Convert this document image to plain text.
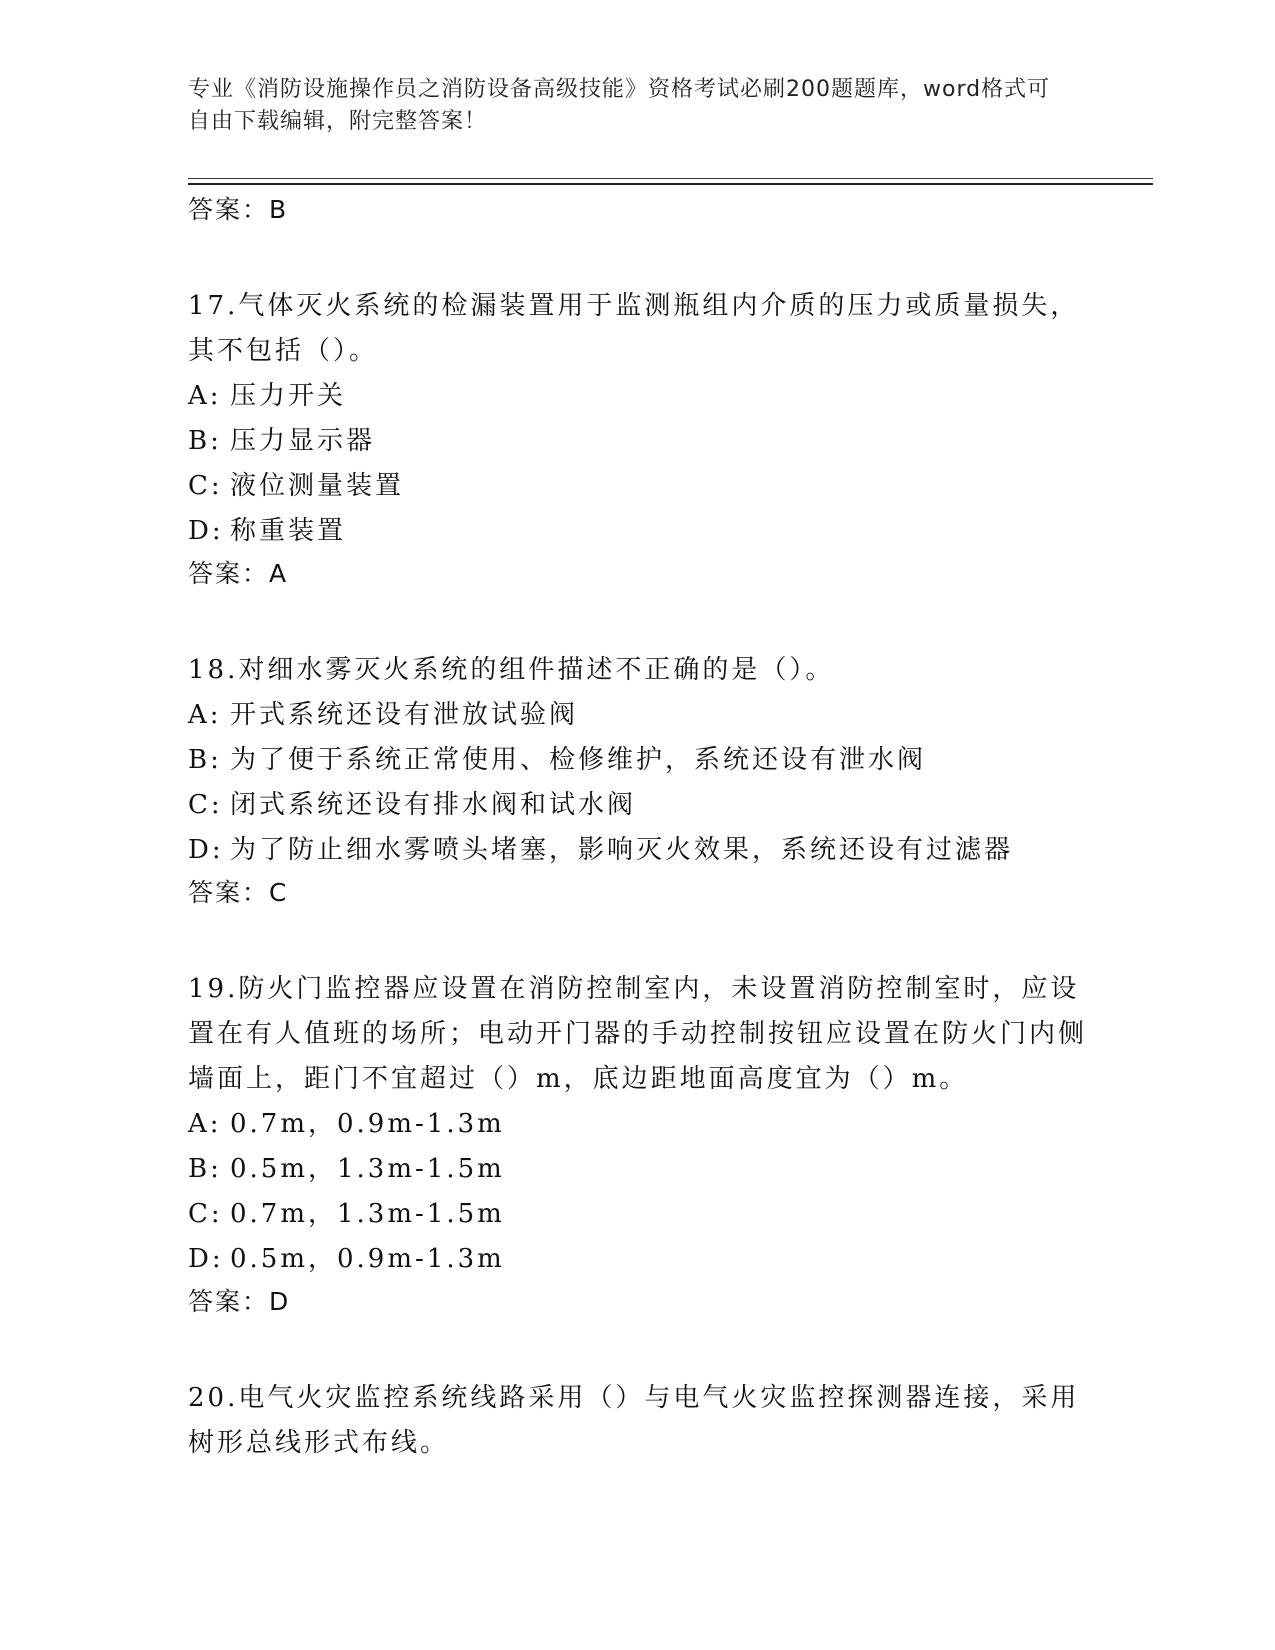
专业《消防设施操作员之消防设备高级技能》资格考试必刷200题题库，word格式可自由下载编辑，附完整答案！
答案：B
17.气体灭火系统的检漏装置用于监测瓶组内介质的压力或质量损失，其不包括（）。
A: 压力开关
B: 压力显示器
C: 液位测量装置
D: 称重装置
答案：A
18.对细水雾灭火系统的组件描述不正确的是（）。
A: 开式系统还设有泄放试验阀
B: 为了便于系统正常使用、检修维护，系统还设有泄水阀
C: 闭式系统还设有排水阀和试水阀
D: 为了防止细水雾喷头堵塞，影响灭火效果，系统还设有过滤器
答案：C
19.防火门监控器应设置在消防控制室内，未设置消防控制室时，应设置在有人值班的场所；电动开门器的手动控制按钮应设置在防火门内侧墙面上，距门不宜超过（）m，底边距地面高度宜为（）m。
A: 0.7m，0.9m-1.3m
B: 0.5m，1.3m-1.5m
C: 0.7m，1.3m-1.5m
D: 0.5m，0.9m-1.3m
答案：D
20.电气火灾监控系统线路采用（）与电气火灾监控探测器连接，采用树形总线形式布线。
